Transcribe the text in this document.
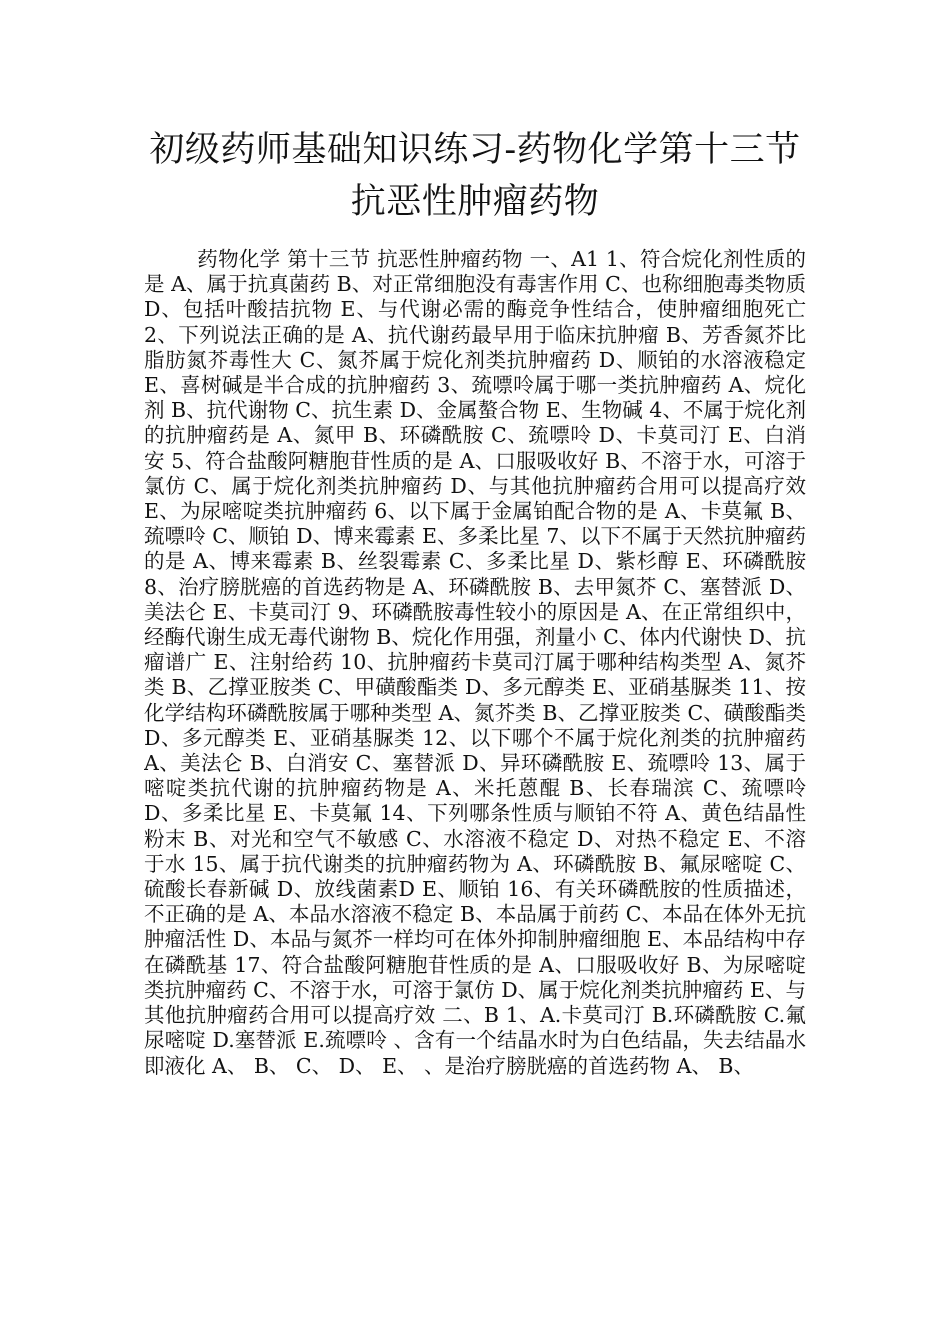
初级药师基础知识练习-药物化学第十三节
抗恶性肿瘤药物
药物化学 第十三节 抗恶性肿瘤药物 一、A1 1、符合烷化剂性质的是 A、属于抗真菌药 B、对正常细胞没有毒害作用 C、也称细胞毒类物质 D、包括叶酸拮抗物 E、与代谢必需的酶竞争性结合，使肿瘤细胞死亡 2、下列说法正确的是 A、抗代谢药最早用于临床抗肿瘤 B、芳香氮芥比脂肪氮芥毒性大 C、氮芥属于烷化剂类抗肿瘤药 D、顺铂的水溶液稳定 E、喜树碱是半合成的抗肿瘤药 3、巯嘌呤属于哪一类抗肿瘤药 A、烷化剂 B、抗代谢物 C、抗生素 D、金属螯合物 E、生物碱 4、不属于烷化剂的抗肿瘤药是 A、氮甲 B、环磷酰胺 C、巯嘌呤 D、卡莫司汀 E、白消安 5、符合盐酸阿糖胞苷性质的是 A、口服吸收好 B、不溶于水，可溶于氯仿 C、属于烷化剂类抗肿瘤药 D、与其他抗肿瘤药合用可以提高疗效 E、为尿嘧啶类抗肿瘤药 6、以下属于金属铂配合物的是 A、卡莫氟 B、巯嘌呤 C、顺铂 D、博来霉素 E、多柔比星 7、以下不属于天然抗肿瘤药的是 A、博来霉素 B、丝裂霉素 C、多柔比星 D、紫杉醇 E、环磷酰胺 8、治疗膀胱癌的首选药物是 A、环磷酰胺 B、去甲氮芥 C、塞替派 D、美法仑 E、卡莫司汀 9、环磷酰胺毒性较小的原因是 A、在正常组织中，经酶代谢生成无毒代谢物 B、烷化作用强，剂量小 C、体内代谢快 D、抗瘤谱广 E、注射给药 10、抗肿瘤药卡莫司汀属于哪种结构类型 A、氮芥类 B、乙撑亚胺类 C、甲磺酸酯类 D、多元醇类 E、亚硝基脲类 11、按化学结构环磷酰胺属于哪种类型 A、氮芥类 B、乙撑亚胺类 C、磺酸酯类 D、多元醇类 E、亚硝基脲类 12、以下哪个不属于烷化剂类的抗肿瘤药 A、美法仑 B、白消安 C、塞替派 D、异环磷酰胺 E、巯嘌呤 13、属于嘧啶类抗代谢的抗肿瘤药物是 A、米托蒽醌 B、长春瑞滨 C、巯嘌呤 D、多柔比星 E、卡莫氟 14、下列哪条性质与顺铂不符 A、黄色结晶性粉末 B、对光和空气不敏感 C、水溶液不稳定 D、对热不稳定 E、不溶于水 15、属于抗代谢类的抗肿瘤药物为 A、环磷酰胺 B、氟尿嘧啶 C、硫酸长春新碱 D、放线菌素D E、顺铂 16、有关环磷酰胺的性质描述，不正确的是 A、本品水溶液不稳定 B、本品属于前药 C、本品在体外无抗肿瘤活性 D、本品与氮芥一样均可在体外抑制肿瘤细胞 E、本品结构中存在磷酰基 17、符合盐酸阿糖胞苷性质的是 A、口服吸收好 B、为尿嘧啶类抗肿瘤药 C、不溶于水，可溶于氯仿 D、属于烷化剂类抗肿瘤药 E、与其他抗肿瘤药合用可以提高疗效 二、B 1、A.卡莫司汀 B.环磷酰胺 C.氟尿嘧啶 D.塞替派 E.巯嘌呤 、含有一个结晶水时为白色结晶，失去结晶水即液化 A、 B、 C、 D、 E、 、是治疗膀胱癌的首选药物 A、 B、
